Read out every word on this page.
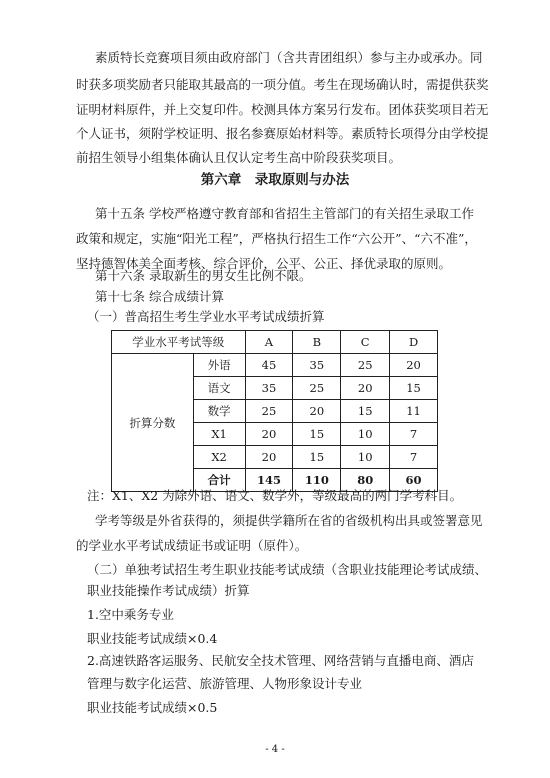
素质特长竞赛项目须由政府部门（含共青团组织）参与主办或承办。同
时获多项奖励者只能取其最高的一项分值。考生在现场确认时，需提供获奖
证明材料原件，并上交复印件。校测具体方案另行发布。团体获奖项目若无
个人证书，须附学校证明、报名参赛原始材料等。素质特长项得分由学校提
前招生领导小组集体确认且仅认定考生高中阶段获奖项目。
第六章　录取原则与办法
第十五条 学校严格遵守教育部和省招生主管部门的有关招生录取工作
政策和规定，实施“阳光工程”，严格执行招生工作“六公开”、“六不准”，
坚持德智体美全面考核、综合评价，公平、公正、择优录取的原则。
第十六条 录取新生的男女生比例不限。
第十七条 综合成绩计算
（一）普高招生考生学业水平考试成绩折算
学业水平考试等级		A	B	C	D
折算分数	外语	45	35	25	20
	语文	35	25	20	15
	数学	25	20	15	11
	X1	20	15	10	7
	X2	20	15	10	7
	合计	145	110	80	60
注：X1、X2 为除外语、语文、数学外，等级最高的两门学考科目。
学考等级是外省获得的，须提供学籍所在省的省级机构出具或签署意见
的学业水平考试成绩证书或证明（原件）。
（二）单独考试招生考生职业技能考试成绩（含职业技能理论考试成绩、
职业技能操作考试成绩）折算
1.空中乘务专业
职业技能考试成绩×0.4
2.高速铁路客运服务、民航安全技术管理、网络营销与直播电商、酒店
管理与数字化运营、旅游管理、人物形象设计专业
职业技能考试成绩×0.5
- 4 -
